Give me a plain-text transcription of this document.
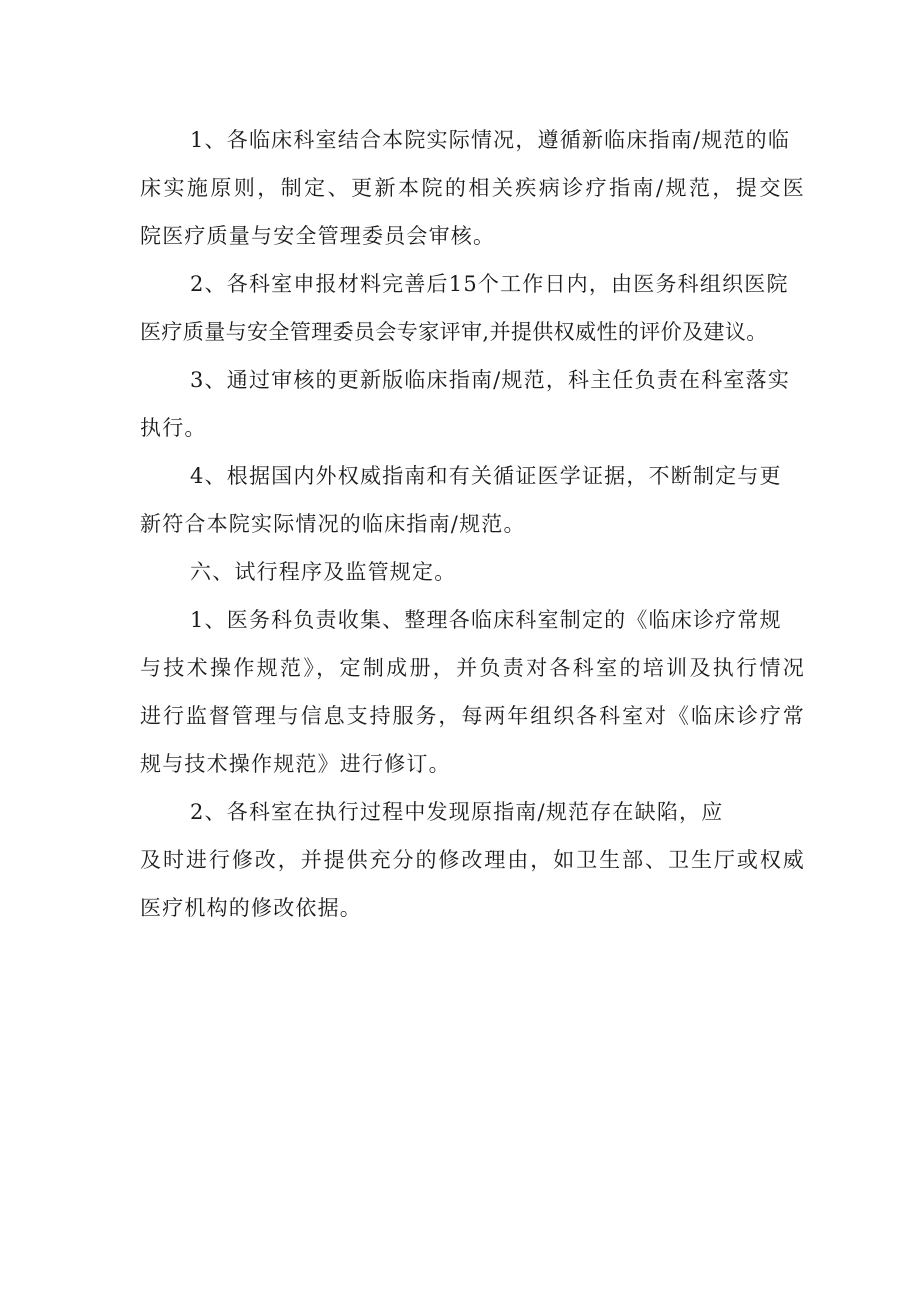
1、各临床科室结合本院实际情况，遵循新临床指南/规范的临
床实施原则，制定、更新本院的相关疾病诊疗指南/规范，提交医
院医疗质量与安全管理委员会审核。
2、各科室申报材料完善后15个工作日内，由医务科组织医院
医疗质量与安全管理委员会专家评审,并提供权威性的评价及建议。
3、通过审核的更新版临床指南/规范，科主任负责在科室落实
执行。
4、根据国内外权威指南和有关循证医学证据，不断制定与更
新符合本院实际情况的临床指南/规范。
六、试行程序及监管规定。
1、医务科负责收集、整理各临床科室制定的《临床诊疗常规
与技术操作规范》，定制成册，并负责对各科室的培训及执行情况
进行监督管理与信息支持服务，每两年组织各科室对《临床诊疗常
规与技术操作规范》进行修订。
2、各科室在执行过程中发现原指南/规范存在缺陷，应
及时进行修改，并提供充分的修改理由，如卫生部、卫生厅或权威
医疗机构的修改依据。
